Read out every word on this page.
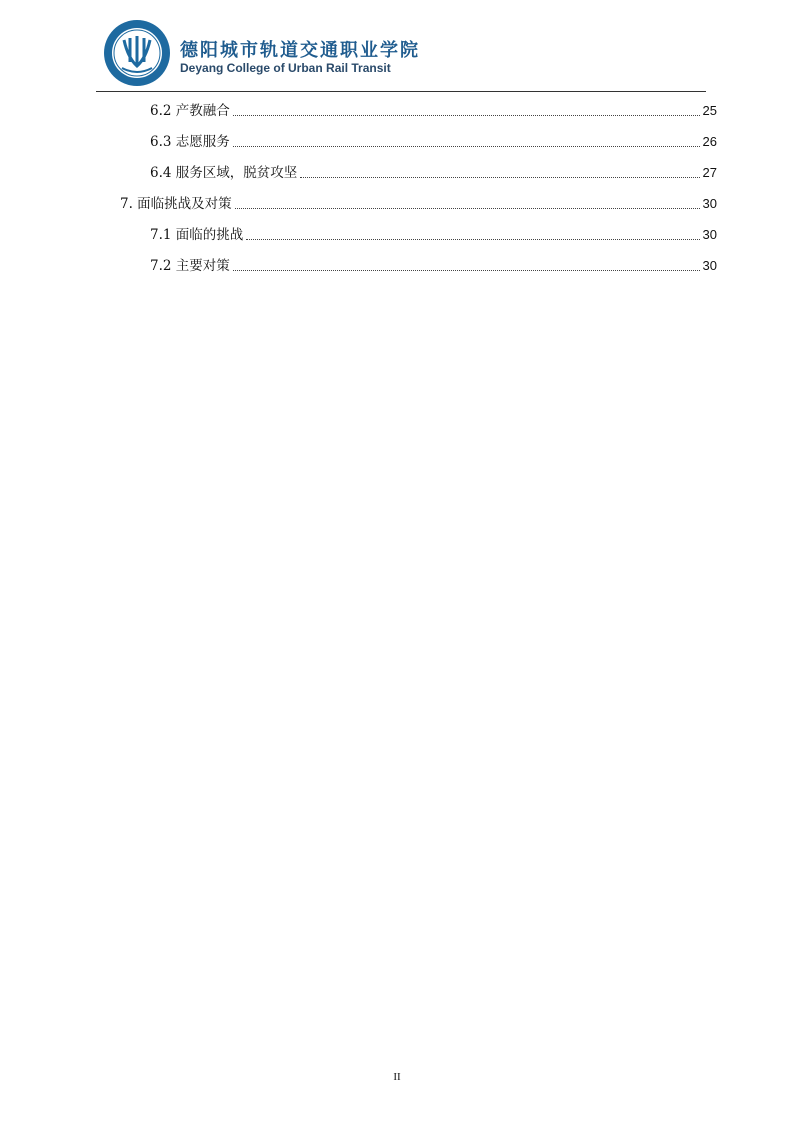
德阳城市轨道交通职业学院
Deyang College of Urban Rail Transit
6.2 产教融合	25
6.3 志愿服务	26
6.4 服务区域，脱贫攻坚	27
7. 面临挑战及对策	30
7.1 面临的挑战	30
7.2 主要对策	30
II
